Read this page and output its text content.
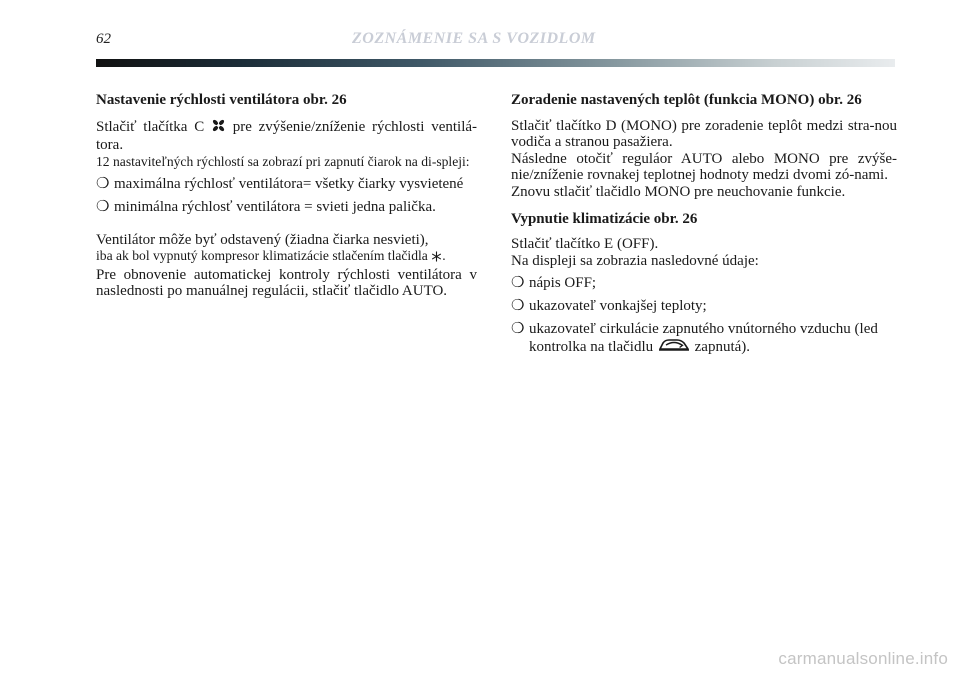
62	ZOZNÁMENIE SA S VOZIDLOM
Nastavenie rýchlosti ventilátora obr. 26

Stlačiť tlačítka C pre zvýšenie/zníženie rýchlosti ventilá-tora.

12 nastaviteľných rýchlostí sa zobrazí pri zapnutí čiarok na di-spleji:

❍
maximálna rýchlosť ventilátora= všetky čiarky vysvietené
❍
minimálna rýchlosť ventilátora = svieti jedna palička.

Ventilátor môže byť odstavený (žiadna čiarka nesvieti),

iba ak bol vypnutý kompresor klimatizácie stlačením tlačidla .

Pre obnovenie automatickej kontroly rýchlosti ventilátora v naslednosti po manuálnej regulácii, stlačiť tlačidlo AUTO.

Zoradenie nastavených teplôt (funkcia MONO) obr. 26

Stlačiť tlačítko D (MONO) pre zoradenie teplôt medzi stra-nou vodiča a stranou pasažiera.

Následne otočiť reguláor AUTO alebo MONO pre zvýše-nie/zníženie rovnakej teplotnej hodnoty medzi dvomi zó-nami.

Znovu stlačiť tlačidlo MONO pre neuchovanie funkcie.

Vypnutie klimatizácie obr. 26

Stlačiť tlačítko E (OFF).

Na displeji sa zobrazia nasledovné údaje:

❍
nápis OFF;
❍
ukazovateľ vonkajšej teploty;
❍
ukazovateľ cirkulácie zapnutého vnútorného vzduchu (led kontrolka na tlačidlu	zapnutá).
carmanualsonline.info
